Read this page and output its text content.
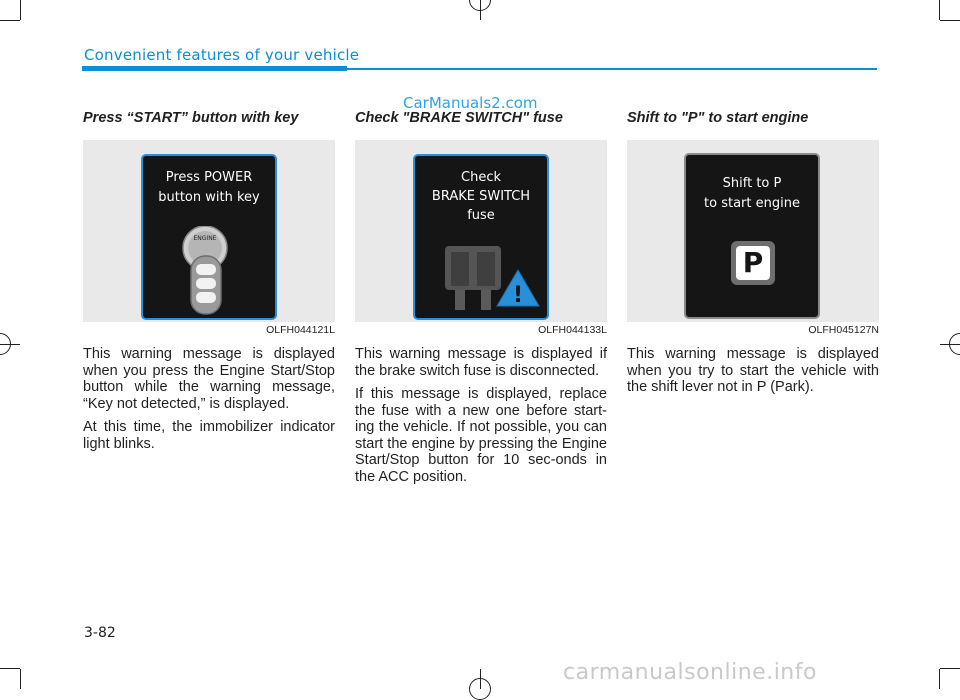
Convenient features of your vehicle
CarManuals2.com
Press “START” button with key
Press POWER
button with key
ENGINE
OLFH044121L

This warning message is displayed when you press the Engine Start/Stop button while the warning message, “Key not detected,” is displayed.

At this time, the immobilizer indicator light blinks.

Check "BRAKE SWITCH" fuse
Check
BRAKE SWITCH
fuse
!
OLFH044133L

This warning message is displayed if the brake switch fuse is disconnected.

If this message is displayed, replace the fuse with a new one before start-ing the vehicle. If not possible, you can start the engine by pressing the Engine Start/Stop button for 10 sec-onds in the ACC position.

Shift to "P" to start engine
Shift to P
to start engine
P
OLFH045127N

This warning message is displayed when you try to start the vehicle with the shift lever not in P (Park).

3-82
carmanualsonline.info
